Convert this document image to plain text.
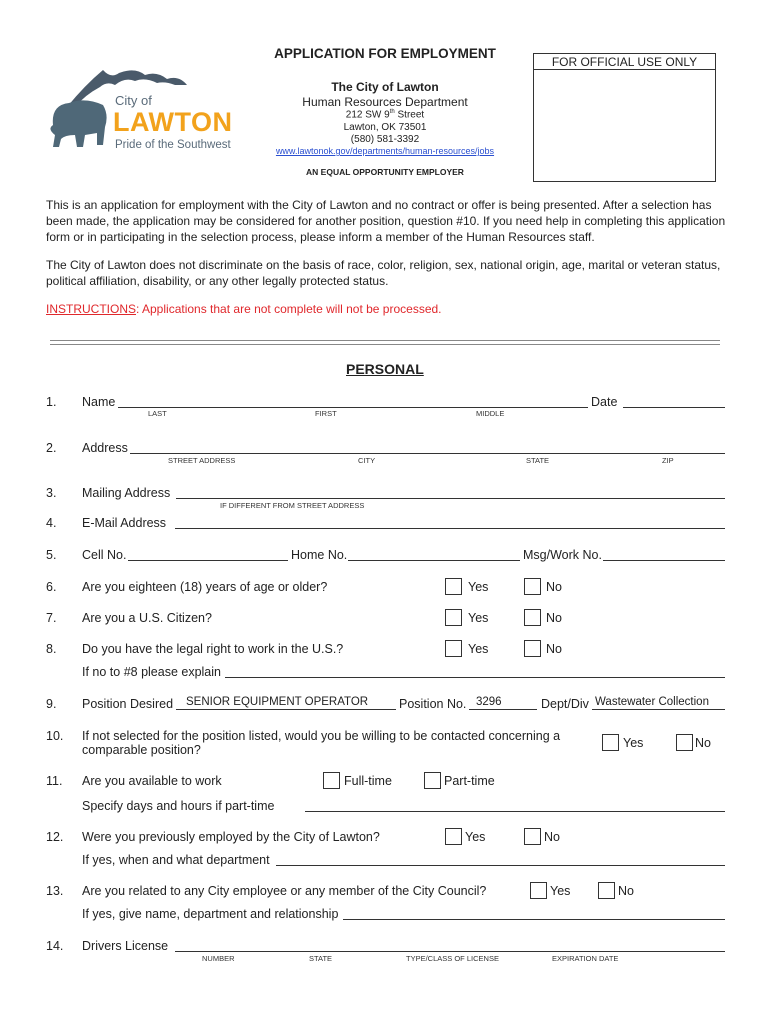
City of
LAWTON
Pride of the Southwest
APPLICATION FOR EMPLOYMENT
The City of Lawton
Human Resources Department
212 SW 9th Street
Lawton, OK 73501
(580) 581-3392
www.lawtonok.gov/departments/human-resources/jobs
AN EQUAL OPPORTUNITY EMPLOYER
FOR OFFICIAL USE ONLY
This is an application for employment with the City of Lawton and no contract or offer is being presented. After a selection has been made, the application may be considered for another position, question #10. If you need help in completing this application form or in participating in the selection process, please inform a member of the Human Resources staff.
The City of Lawton does not discriminate on the basis of race, color, religion, sex, national origin, age, marital or veteran status, political affiliation, disability, or any other legally protected status.
INSTRUCTIONS: Applications that are not complete will not be processed.
PERSONAL
1. Name
LAST	FIRST	MIDDLE
Date
2. Address
STREET ADDRESS	CITY	STATE	ZIP
3. Mailing Address
IF DIFFERENT FROM STREET ADDRESS
4. E-Mail Address
5. Cell No.	Home No.	Msg/Work No.
6. Are you eighteen (18) years of age or older?	Yes	No
7. Are you a U.S. Citizen?	Yes	No
8. Do you have the legal right to work in the U.S.?	Yes	No
If no to #8 please explain
9. Position Desired SENIOR EQUIPMENT OPERATOR Position No. 3296	Dept/Div Wastewater Collection
10. If not selected for the position listed, would you be willing to be contacted concerning a
comparable position?	Yes	No
11. Are you available to work	Full-time	Part-time
Specify days and hours if part-time
12. Were you previously employed by the City of Lawton?	Yes	No
If yes, when and what department
13. Are you related to any City employee or any member of the City Council?	Yes	No
If yes, give name, department and relationship
14. Drivers License
NUMBER	STATE	TYPE/CLASS OF LICENSE	EXPIRATION DATE
